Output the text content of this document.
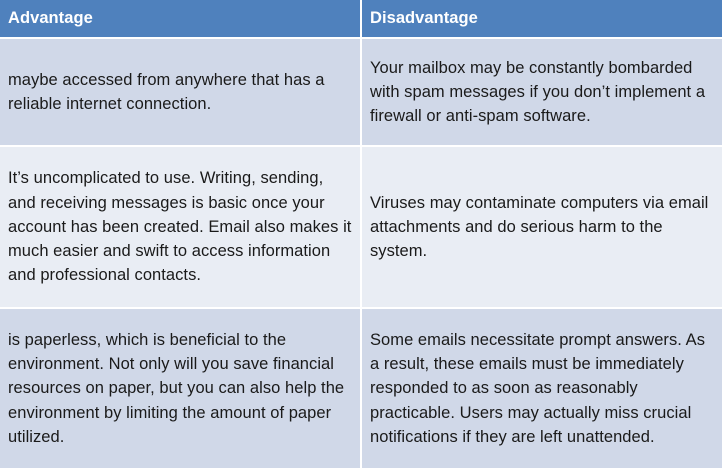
Advantage	Disadvantage
maybe accessed from anywhere that has a reliable internet connection.
Your mailbox may be constantly bombarded with spam messages if you don’t implement a firewall or anti-spam software.
It’s uncomplicated to use. Writing, sending, and receiving messages is basic once your account has been created. Email also makes it much easier and swift to access information and professional contacts.
Viruses may contaminate computers via email attachments and do serious harm to the system.
is paperless, which is beneficial to the environment. Not only will you save financial resources on paper, but you can also help the environment by limiting the amount of paper utilized.
Some emails necessitate prompt answers. As a result, these emails must be immediately responded to as soon as reasonably practicable. Users may actually miss crucial notifications if they are left unattended.
